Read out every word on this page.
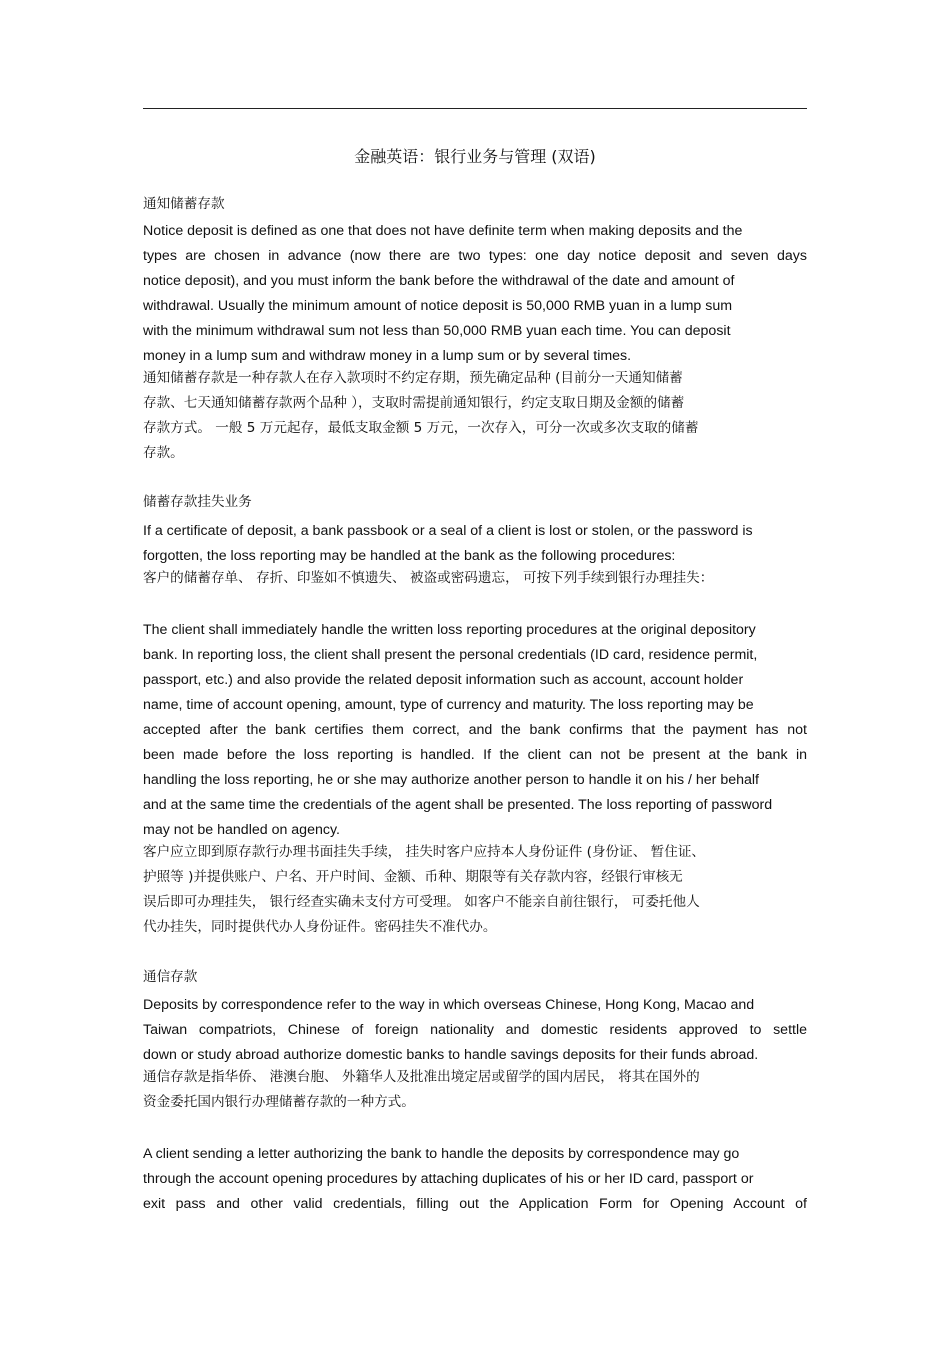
金融英语：银行业务与管理 (双语)
通知储蓄存款
Notice deposit is defined as one that does not have definite term when making deposits and the
types are chosen in advance (now there are two types: one day notice deposit and seven days
notice deposit), and you must inform the bank before the withdrawal of the date and amount of
withdrawal. Usually the minimum amount of notice deposit is 50,000 RMB yuan in a lump sum
with the minimum withdrawal sum not less than 50,000 RMB yuan each time. You can deposit
money in a lump sum and withdraw money in a lump sum or by several times.
通知储蓄存款是一种存款人在存入款项时不约定存期，预先确定品种 (目前分一天通知储蓄
存款、七天通知储蓄存款两个品种 ），支取时需提前通知银行，约定支取日期及金额的储蓄
存款方式。 一般 5 万元起存，最低支取金额 5 万元，一次存入，可分一次或多次支取的储蓄
存款。
储蓄存款挂失业务
If a certificate of deposit, a bank passbook or a seal of a client is lost or stolen, or the password is
forgotten, the loss reporting may be handled at the bank as the following procedures:
客户的储蓄存单、 存折、印鉴如不慎遗失、 被盗或密码遗忘， 可按下列手续到银行办理挂失：
The client shall immediately handle the written loss reporting procedures at the original depository
bank. In reporting loss, the client shall present the personal credentials (ID card, residence permit,
passport, etc.) and also provide the related deposit information such as account, account holder
name, time of account opening, amount, type of currency and maturity. The loss reporting may be
accepted after the bank certifies them correct, and the bank confirms that the payment has not
been made before the loss reporting is handled. If the client can not be present at the bank in
handling the loss reporting, he or she may authorize another person to handle it on his / her behalf
and at the same time the credentials of the agent shall be presented. The loss reporting of password
may not be handled on agency.
客户应立即到原存款行办理书面挂失手续， 挂失时客户应持本人身份证件 (身份证、 暂住证、
护照等 )并提供账户、户名、开户时间、金额、币种、期限等有关存款内容，经银行审核无
误后即可办理挂失， 银行经查实确未支付方可受理。 如客户不能亲自前往银行， 可委托他人
代办挂失，同时提供代办人身份证件。密码挂失不准代办。
通信存款
Deposits by correspondence refer to the way in which overseas Chinese, Hong Kong, Macao and
Taiwan compatriots, Chinese of foreign nationality and domestic residents approved to settle
down or study abroad authorize domestic banks to handle savings deposits for their funds abroad.
通信存款是指华侨、 港澳台胞、 外籍华人及批准出境定居或留学的国内居民， 将其在国外的
资金委托国内银行办理储蓄存款的一种方式。
A client sending a letter authorizing the bank to handle the deposits by correspondence may go
through the account opening procedures by attaching duplicates of his or her ID card, passport or
exit pass and other valid credentials, filling out the Application Form for Opening Account of
